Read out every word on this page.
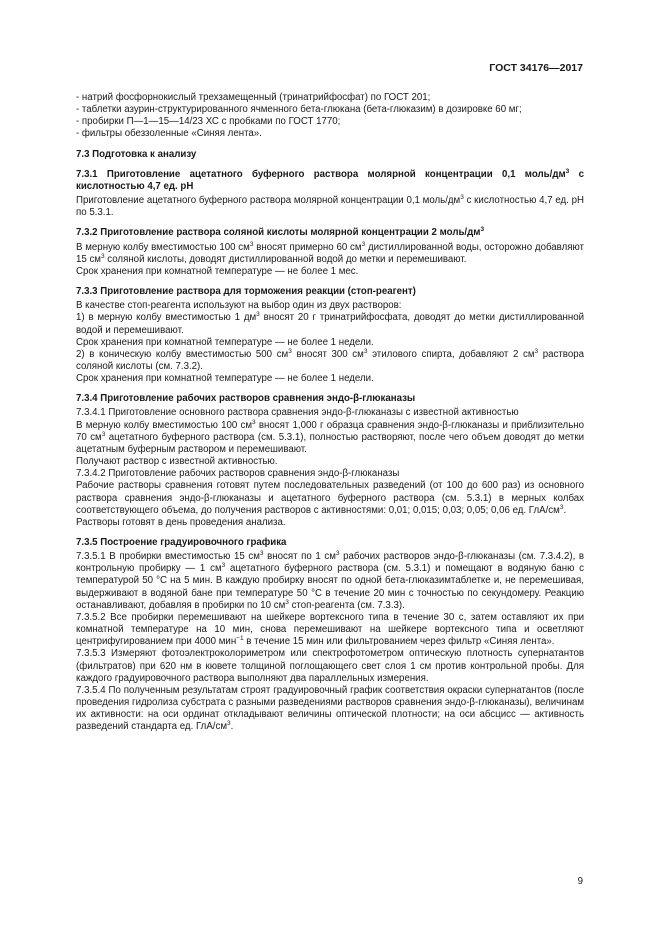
ГОСТ 34176—2017

- натрий фосфорнокислый трехзамещенный (тринатрийфосфат) по ГОСТ 201;

- таблетки азурин-структурированного ячменного бета-глюкана (бета-глюказим) в дозировке 60 мг;

- пробирки П—1—15—14/23 ХС с пробками по ГОСТ 1770;

- фильтры обеззоленные «Синяя лента».

7.3 Подготовка к анализу

7.3.1 Приготовление ацетатного буферного раствора молярной концентрации 0,1 моль/$дм^3$ с кислотностью 4,7 ед. рН

Приготовление ацетатного буферного раствора молярной концентрации 0,1 моль/$дм^3$ с кислотностью 4,7 ед. рН по 5.3.1.

7.3.2 Приготовление раствора соляной кислоты молярной концентрации 2 моль/$дм^3$

В мерную колбу вместимостью 100 $см^3$ вносят примерно 60 $см^3$ дистиллированной воды, осторожно добавляют 15 $см^3$ соляной кислоты, доводят дистиллированной водой до метки и перемешивают.

Срок хранения при комнатной температуре — не более 1 мес.

7.3.3 Приготовление раствора для торможения реакции (стоп-реагент)

В качестве стоп-реагента используют на выбор один из двух растворов:

1) в мерную колбу вместимостью 1 $дм^3$ вносят 20 г тринатрийфосфата, доводят до метки дистиллированной водой и перемешивают.

Срок хранения при комнатной температуре — не более 1 недели.

2) в коническую колбу вместимостью 500 $см^3$ вносят 300 $см^3$ этилового спирта, добавляют 2 $см^3$ раствора соляной кислоты (см. 7.3.2).

Срок хранения при комнатной температуре — не более 1 недели.

7.3.4 Приготовление рабочих растворов сравнения эндо-β-глюканазы

7.3.4.1 Приготовление основного раствора сравнения эндо-β-глюканазы с известной активностью

В мерную колбу вместимостью 100 $см^3$ вносят 1,000 г образца сравнения эндо-β-глюканазы и приблизительно 70 $см^3$ ацетатного буферного раствора (см. 5.3.1), полностью растворяют, после чего объем доводят до метки ацетатным буферным раствором и перемешивают.

Получают раствор с известной активностью.

7.3.4.2 Приготовление рабочих растворов сравнения эндо-β-глюканазы

Рабочие растворы сравнения готовят путем последовательных разведений (от 100 до 600 раз) из основного раствора сравнения эндо-β-глюканазы и ацетатного буферного раствора (см. 5.3.1) в мерных колбах соответствующего объема, до получения растворов с активностями: 0,01; 0,015; 0,03; 0,05; 0,06 ед. ГлА/$см^3$.

Растворы готовят в день проведения анализа.

7.3.5 Построение градуировочного графика

7.3.5.1 В пробирки вместимостью 15 $см^3$ вносят по 1 $см^3$ рабочих растворов эндо-β-глюканазы (см. 7.3.4.2), в контрольную пробирку — 1 $см^3$ ацетатного буферного раствора (см. 5.3.1) и помещают в водяную баню с температурой 50 °С на 5 мин. В каждую пробирку вносят по одной бета-глюказимтаблетке и, не перемешивая, выдерживают в водяной бане при температуре 50 °С в течение 20 мин с точностью по секундомеру. Реакцию останавливают, добавляя в пробирки по 10 $см^3$ стоп-реагента (см. 7.3.3).

7.3.5.2 Все пробирки перемешивают на шейкере вортексного типа в течение 30 с, затем оставляют их при комнатной температуре на 10 мин, снова перемешивают на шейкере вортексного типа и осветляют центрифугированием при 4000 мин$^{-1}$ в течение 15 мин или фильтрованием через фильтр «Синяя лента».

7.3.5.3 Измеряют фотоэлектроколориметром или спектрофотометром оптическую плотность супернатантов (фильтратов) при 620 нм в кювете толщиной поглощающего свет слоя 1 см против контрольной пробы. Для каждого градуировочного раствора выполняют два параллельных измерения.

7.3.5.4 По полученным результатам строят градуировочный график соответствия окраски супернатантов (после проведения гидролиза субстрата с разными разведениями растворов сравнения эндо-β-глюканазы), величинам их активности: на оси ординат откладывают величины оптической плотности; на оси абсцисс — активность разведений стандарта ед. ГлА/$см^3$.

9
